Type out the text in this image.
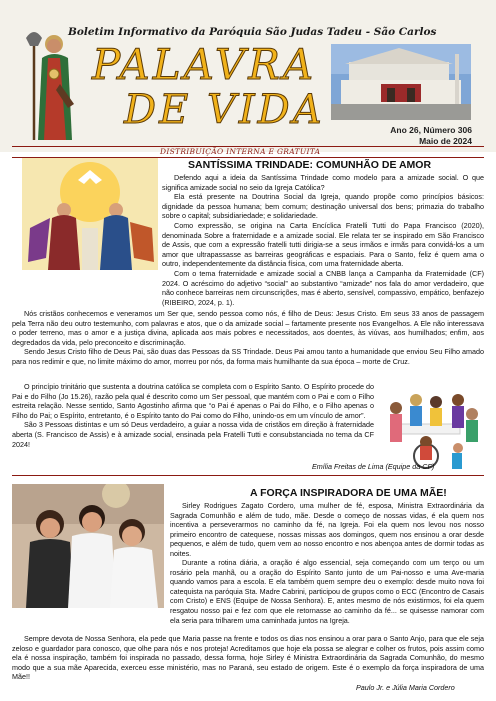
Boletim Informativo da Paróquia São Judas Tadeu - São Carlos
PALAVRA
DE VIDA	Ano 26, Número 306
Maio de 2024
DISTRIBUIÇÃO INTERNA E GRATUITA
SANTÍSSIMA TRINDADE: COMUNHÃO DE AMOR

Defendo aqui a ideia da Santíssima Trindade como modelo para a amizade social. O que significa amizade social no seio da Igreja Católica?

Ela está presente na Doutrina Social da Igreja, quando propõe como princípios básicos: dignidade da pessoa humana; bem comum; destinação universal dos bens; primazia do trabalho sobre o capital; subsidiariedade; e solidariedade.

Como expressão, se origina na Carta Encíclica Fratelli Tutti do Papa Francisco (2020), denominada Sobre a fraternidade e a amizade social. Ele relata ter se inspirado em São Francisco de Assis, que com a expressão fratelli tutti dirigia-se a seus irmãos e irmãs para convidá-los a um amor que ultrapassasse as barreiras geográficas e espaciais. Para o Santo, feliz é quem ama o outro, independentemente da distância física, com uma fraternidade aberta.

Com o tema fraternidade e amizade social a CNBB lança a Campanha da Fraternidade (CF) 2024. O acréscimo do adjetivo “social” ao substantivo “amizade” nos fala do amor verdadeiro, que não conhece barreiras nem circunscrições, mas é aberto, sensível, compassivo, empático, benfazejo (RIBEIRO, 2024, p. 1).

Nós cristãos conhecemos e veneramos um Ser que, sendo pessoa como nós, é filho de Deus: Jesus Cristo. Em seus 33 anos de passagem pela Terra não deu outro testemunho, com palavras e atos, que o da amizade social – fartamente presente nos Evangelhos. A Ele não interessava o poder terreno, mas o amor e a justiça divina, aplicada aos mais pobres e necessitados, aos doentes, às viúvas, aos humilhados; enfim, aos degredados da vida, pelo preconceito e discriminação.

Sendo Jesus Cristo filho de Deus Pai, são duas das Pessoas da SS Trindade. Deus Pai amou tanto a humanidade que enviou Seu Filho amado para nos redimir e que, no limite máximo do amor, morreu por nós, da forma mais humilhante da sua época – morte de Cruz.

O princípio trinitário que sustenta a doutrina católica se completa com o Espírito Santo. O Espírito procede do Pai e do Filho (Jo 15.26), razão pela qual é descrito como um Ser pessoal, que mantém com o Pai e com o Filho estreita relação. Nesse sentido, Santo Agostinho afirma que “o Pai é apenas o Pai do Filho, e o Filho apenas o Filho do Pai; o Espírito, entretanto, é o Espírito tanto do Pai como do Filho, unindo-os em um vínculo de amor”.

São 3 Pessoas distintas e um só Deus verdadeiro, a guiar a nossa vida de cristãos em direção à fraternidade aberta (S. Francisco de Assis) e à amizade social, ensinada pela Fratelli Tutti e consubstanciada no tema da CF 2024!

Emília Freitas de Lima (Equipe da CF)
A FORÇA INSPIRADORA DE UMA MÃE!

Sirley Rodrigues Zagato Cordero, uma mulher de fé, esposa, Ministra Extraordinária da Sagrada Comunhão e além de tudo, mãe. Desde o começo de nossas vidas, é ela quem nos incentiva a perseverarmos no caminho da fé, na Igreja. Foi ela quem nos levou nos nosso primeiro encontro de catequese, nossas missas aos domingos, quem nos ensinou a orar desde pequenos, e além de tudo, quem vem ao nosso encontro e nos abençoa antes de dormir todas as noites.

Durante a rotina diária, a oração é algo essencial, seja começando com um terço ou um rosário pela manhã, ou a oração do Espírito Santo junto de um Pai-nosso e uma Ave-maria quando vamos para a escola. E ela também quem sempre deu o exemplo: desde muito nova foi catequista na paróquia Sta. Madre Cabrini, participou de grupos como o ECC (Encontro de Casais com Cristo) e ENS (Equipe de Nossa Senhora). E, antes mesmo de nós existirmos, foi ela quem resgatou nosso pai e fez com que ele retornasse ao caminho da fé... se quisesse namorar com ela seria para trilharem uma caminhada juntos na Igreja.

Sempre devota de Nossa Senhora, ela pede que Maria passe na frente e todos os dias nos ensinou a orar para o Santo Anjo, para que ele seja zeloso e guardador para conosco, que olhe para nós e nos proteja! Acreditamos que hoje ela possa se alegrar e colher os frutos, pois assim como ela é nossa inspiração, também foi inspirada no passado, dessa forma, hoje Sirley é Ministra Extraordinária da Sagrada Comunhão, do mesmo modo que a sua mãe Aparecida, exerceu esse ministério, mas no Paraná, seu estado de origem. Este é o exemplo da força inspiradora de uma Mãe!!

Paulo Jr. e Júlia Maria Cordero
